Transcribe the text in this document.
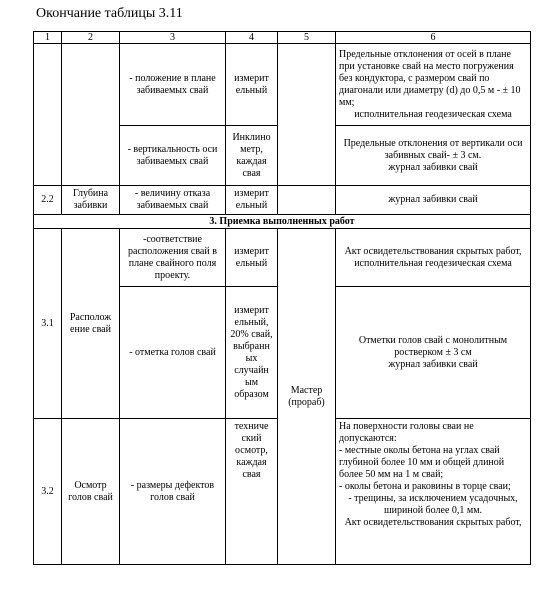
Окончание таблицы 3.11
1	2	3	4	5	6
		- положение в плане забиваемых свай	измерит ельный		Предельные отклонения от осей в плане при установке свай на место погружения без кондуктора, с размером свай по диагонали или диаметру (d) до 0,5 м - ± 10 мм;
исполнительная геодезическая схема

		- вертикальность оси забиваемых свай	Инклино метр, каждая свая		Предельные отклонения от вертикали оси забивных свай- ± 3 см.
журнал забивки свай

2.2	Глубина забивки	- величину отказа забиваемых свай	измерит ельный		журнал забивки свай
3. Приемка выполненных работ					
3.1	Располож ение свай	-соответствие расположения свай в плане свайного поля проекту.	измерит ельный	Мастер (прораб)	Акт освидетельствования скрытых работ, исполнительная геодезическая схема
		- отметка голов свай	измерит ельный, 20% свай, выбранн ых случайн ым образом		Отметки голов свай с монолитным ростверком ± 3 см
журнал забивки свай

3.2	Осмотр голов свай	- размеры дефектов голов свай	техниче ский осмотр, каждая свая		На поверхности головы сваи не допускаются:
- местные околы бетона на углах свай глубиной более 10 мм и общей длиной более 50 мм на 1 м свай;
- околы бетона и раковины в торце сваи;
- трещины, за исключением усадочных, шириной более 0,1 мм.
Акт освидетельствования скрытых работ,
